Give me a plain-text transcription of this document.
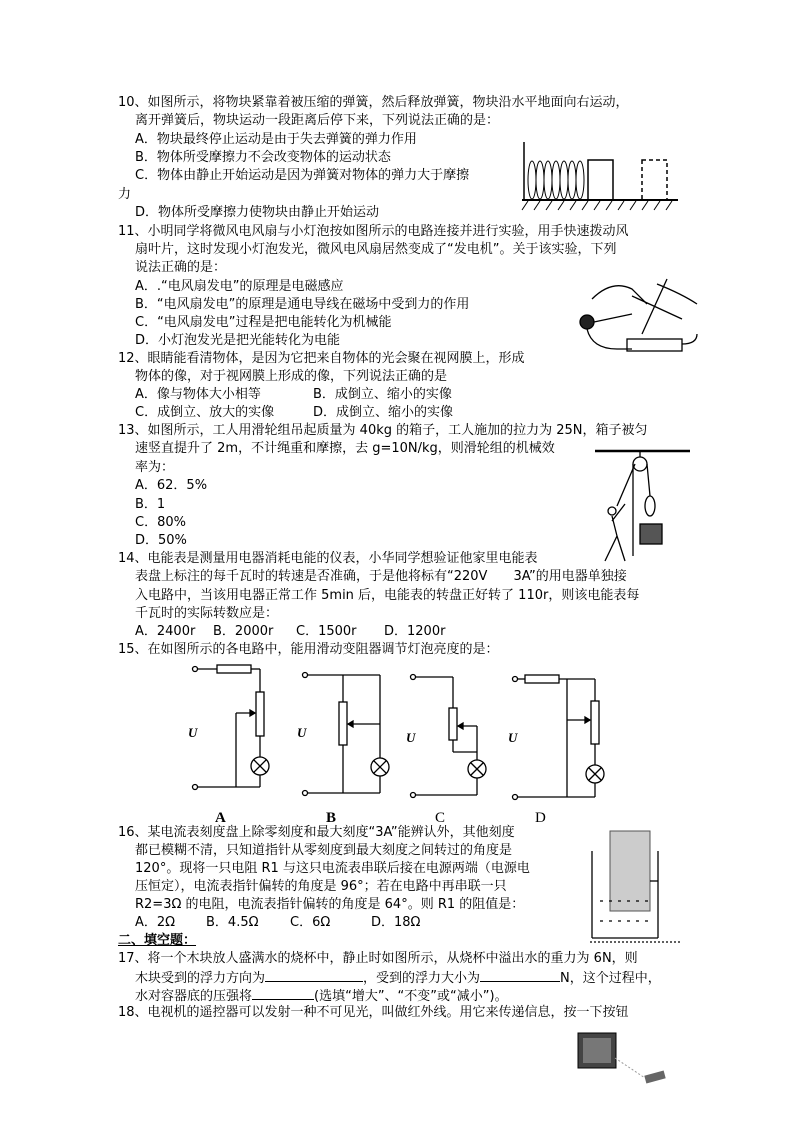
10、如图所示，将物块紧靠着被压缩的弹簧，然后释放弹簧，物块沿水平地面向右运动，
离开弹簧后，物块运动一段距离后停下来，下列说法正确的是：
A．物块最终停止运动是由于失去弹簧的弹力作用
B．物体所受摩擦力不会改变物体的运动状态
C．物体由静止开始运动是因为弹簧对物体的弹力大于摩擦
力
D．物体所受摩擦力使物块由静止开始运动
11、小明同学将微风电风扇与小灯泡按如图所示的电路连接并进行实验，用手快速拨动风
扇叶片，这时发现小灯泡发光，微风电风扇居然变成了“发电机”。关于该实验，下列
说法正确的是：
A．.“电风扇发电”的原理是电磁感应
B．“电风扇发电”的原理是通电导线在磁场中受到力的作用
C．“电风扇发电”过程是把电能转化为机械能
D．小灯泡发光是把光能转化为电能
12、眼睛能看清物体，是因为它把来自物体的光会聚在视网膜上，形成
物体的像，对于视网膜上形成的像，下列说法正确的是
A．像与物体大小相等	B．成倒立、缩小的实像
C．成倒立、放大的实像	D．成倒立、缩小的实像
13、如图所示，工人用滑轮组吊起质量为 40kg 的箱子，工人施加的拉力为 25N，箱子被匀
速竖直提升了 2m，不计绳重和摩擦，去 g=10N/kg，则滑轮组的机械效
率为：
A．62．5%
B．1
C．80%
D．50%
14、电能表是测量用电器消耗电能的仪表，小华同学想验证他家里电能表
表盘上标注的每千瓦时的转速是否准确，于是他将标有“220V　　3A”的用电器单独接
入电路中，当该用电器正常工作 5min 后，电能表的转盘正好转了 110r，则该电能表每
千瓦时的实际转数应是：
A．2400r B．2000r C．1500r D．1200r
15、在如图所示的各电路中，能用滑动变阻器调节灯泡亮度的是：
U	U	U	U
A	B	C	D
16、某电流表刻度盘上除零刻度和最大刻度“3A”能辨认外，其他刻度
都已模糊不清，只知道指针从零刻度到最大刻度之间转过的角度是
120°。现将一只电阻 R1 与这只电流表串联后接在电源两端（电源电
压恒定），电流表指针偏转的角度是 96°；若在电路中再串联一只
R2=3Ω 的电阻，电流表指针偏转的角度是 64°。则 R1 的阻值是：
A．2Ω B．4.5Ω C．6Ω	D．18Ω
二、填空题：
17、将一个木块放人盛满水的烧杯中，静止时如图所示，从烧杯中溢出水的重力为 6N，则
木块受到的浮力方向为	，受到的浮力大小为	N，这个过程中，
水对容器底的压强将	(选填“增大”、“不变”或“减小”)。
18、电视机的遥控器可以发射一种不可见光，叫做红外线。用它来传递信息，按一下按钮
